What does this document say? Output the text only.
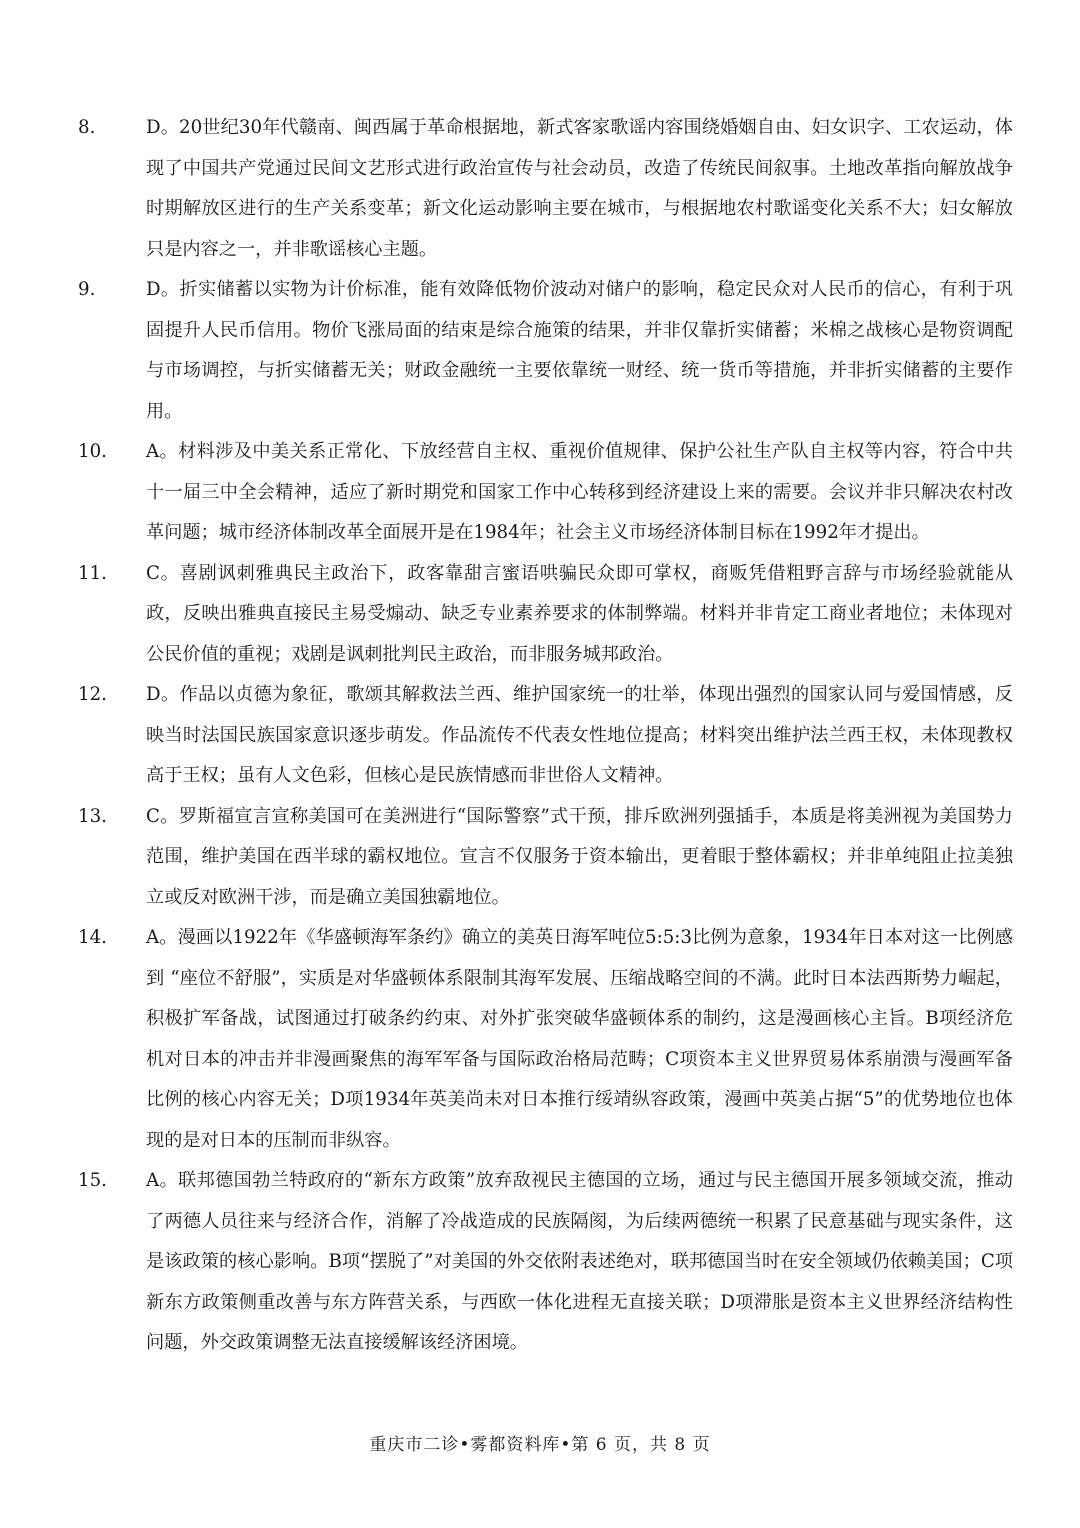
8.	D。20世纪30年代赣南、闽西属于革命根据地，新式客家歌谣内容围绕婚姻自由、妇女识字、工农运动，体现了中国共产党通过民间文艺形式进行政治宣传与社会动员，改造了传统民间叙事。土地改革指向解放战争时期解放区进行的生产关系变革；新文化运动影响主要在城市，与根据地农村歌谣变化关系不大；妇女解放只是内容之一，并非歌谣核心主题。
9.	D。折实储蓄以实物为计价标准，能有效降低物价波动对储户的影响，稳定民众对人民币的信心，有利于巩固提升人民币信用。物价飞涨局面的结束是综合施策的结果，并非仅靠折实储蓄；米棉之战核心是物资调配与市场调控，与折实储蓄无关；财政金融统一主要依靠统一财经、统一货币等措施，并非折实储蓄的主要作用。
10.	A。材料涉及中美关系正常化、下放经营自主权、重视价值规律、保护公社生产队自主权等内容，符合中共十一届三中全会精神，适应了新时期党和国家工作中心转移到经济建设上来的需要。会议并非只解决农村改革问题；城市经济体制改革全面展开是在1984年；社会主义市场经济体制目标在1992年才提出。
11.	C。喜剧讽刺雅典民主政治下，政客靠甜言蜜语哄骗民众即可掌权，商贩凭借粗野言辞与市场经验就能从政，反映出雅典直接民主易受煽动、缺乏专业素养要求的体制弊端。材料并非肯定工商业者地位；未体现对公民价值的重视；戏剧是讽刺批判民主政治，而非服务城邦政治。
12.	D。作品以贞德为象征，歌颂其解救法兰西、维护国家统一的壮举，体现出强烈的国家认同与爱国情感，反映当时法国民族国家意识逐步萌发。作品流传不代表女性地位提高；材料突出维护法兰西王权，未体现教权高于王权；虽有人文色彩，但核心是民族情感而非世俗人文精神。
13.	C。罗斯福宣言宣称美国可在美洲进行“国际警察”式干预，排斥欧洲列强插手，本质是将美洲视为美国势力范围，维护美国在西半球的霸权地位。宣言不仅服务于资本输出，更着眼于整体霸权；并非单纯阻止拉美独立或反对欧洲干涉，而是确立美国独霸地位。
14.	A。漫画以1922年《华盛顿海军条约》确立的美英日海军吨位5:5:3比例为意象，1934年日本对这一比例感到 “座位不舒服”，实质是对华盛顿体系限制其海军发展、压缩战略空间的不满。此时日本法西斯势力崛起，积极扩军备战，试图通过打破条约约束、对外扩张突破华盛顿体系的制约，这是漫画核心主旨。B项经济危机对日本的冲击并非漫画聚焦的海军军备与国际政治格局范畴；C项资本主义世界贸易体系崩溃与漫画军备比例的核心内容无关；D项1934年英美尚未对日本推行绥靖纵容政策，漫画中英美占据“5”的优势地位也体现的是对日本的压制而非纵容。
15.	A。联邦德国勃兰特政府的“新东方政策”放弃敌视民主德国的立场，通过与民主德国开展多领域交流，推动了两德人员往来与经济合作，消解了冷战造成的民族隔阂，为后续两德统一积累了民意基础与现实条件，这是该政策的核心影响。B项“摆脱了”对美国的外交依附表述绝对，联邦德国当时在安全领域仍依赖美国；C项新东方政策侧重改善与东方阵营关系，与西欧一体化进程无直接关联；D项滞胀是资本主义世界经济结构性问题，外交政策调整无法直接缓解该经济困境。
重庆市二诊•雾都资料库•第 6 页，共 8 页
